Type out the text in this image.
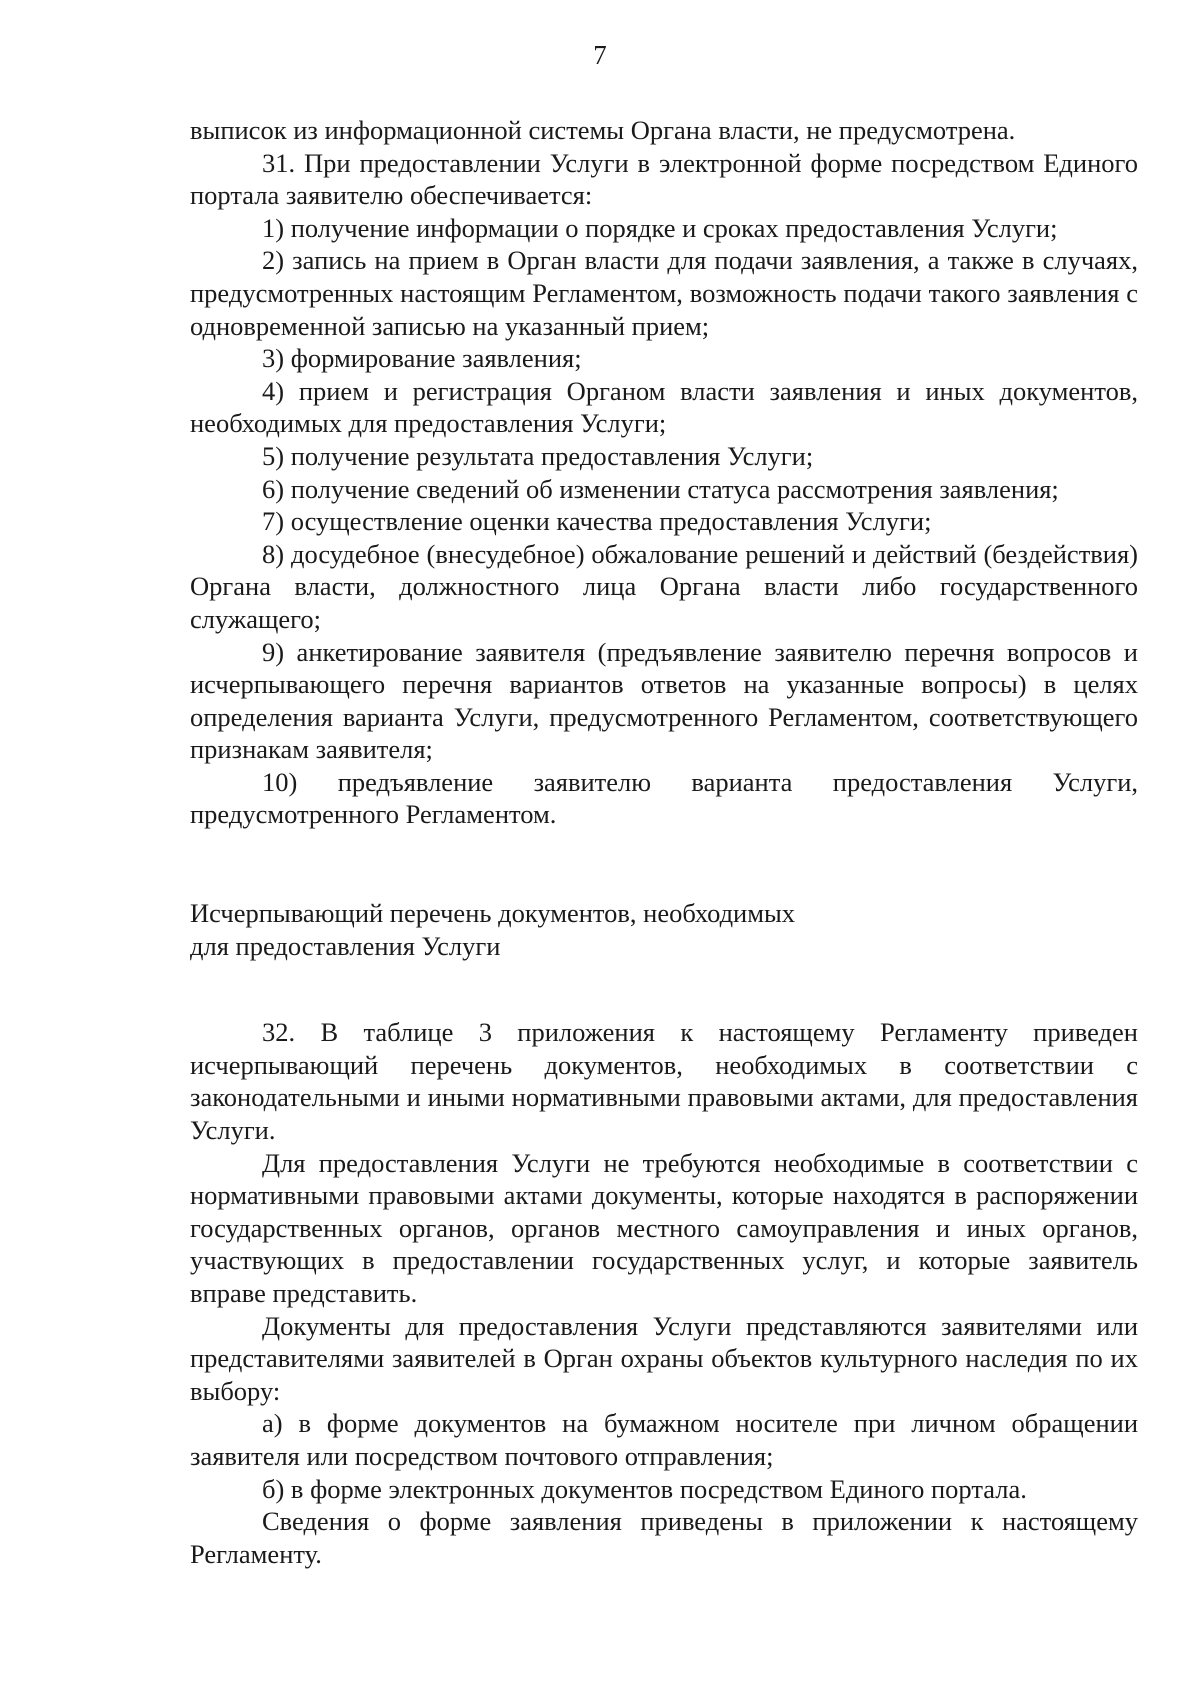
7

выписок из информационной системы Органа власти, не предусмотрена.

31. При предоставлении Услуги в электронной форме посредством Единого портала заявителю обеспечивается:

1) получение информации о порядке и сроках предоставления Услуги;

2) запись на прием в Орган власти для подачи заявления, а также в случаях, предусмотренных настоящим Регламентом, возможность подачи такого заявления с одновременной записью на указанный прием;

3) формирование заявления;

4) прием и регистрация Органом власти заявления и иных документов, необходимых для предоставления Услуги;

5) получение результата предоставления Услуги;

6) получение сведений об изменении статуса рассмотрения заявления;

7) осуществление оценки качества предоставления Услуги;

8) досудебное (внесудебное) обжалование решений и действий (бездействия) Органа власти, должностного лица Органа власти либо государственного служащего;

9) анкетирование заявителя (предъявление заявителю перечня вопросов и исчерпывающего перечня вариантов ответов на указанные вопросы) в целях определения варианта Услуги, предусмотренного Регламентом, соответствующего признакам заявителя;

10) предъявление заявителю варианта предоставления Услуги, предусмотренного Регламентом.

Исчерпывающий перечень документов, необходимых

для предоставления Услуги

32. В таблице 3 приложения к настоящему Регламенту приведен исчерпывающий перечень документов, необходимых в соответствии с законодательными и иными нормативными правовыми актами, для предоставления Услуги.

Для предоставления Услуги не требуются необходимые в соответствии с нормативными правовыми актами документы, которые находятся в распоряжении государственных органов, органов местного самоуправления и иных органов, участвующих в предоставлении государственных услуг, и которые заявитель вправе представить.

Документы для предоставления Услуги представляются заявителями или представителями заявителей в Орган охраны объектов культурного наследия по их выбору:

а) в форме документов на бумажном носителе при личном обращении заявителя или посредством почтового отправления;

б) в форме электронных документов посредством Единого портала.

Сведения о форме заявления приведены в приложении к настоящему Регламенту.
